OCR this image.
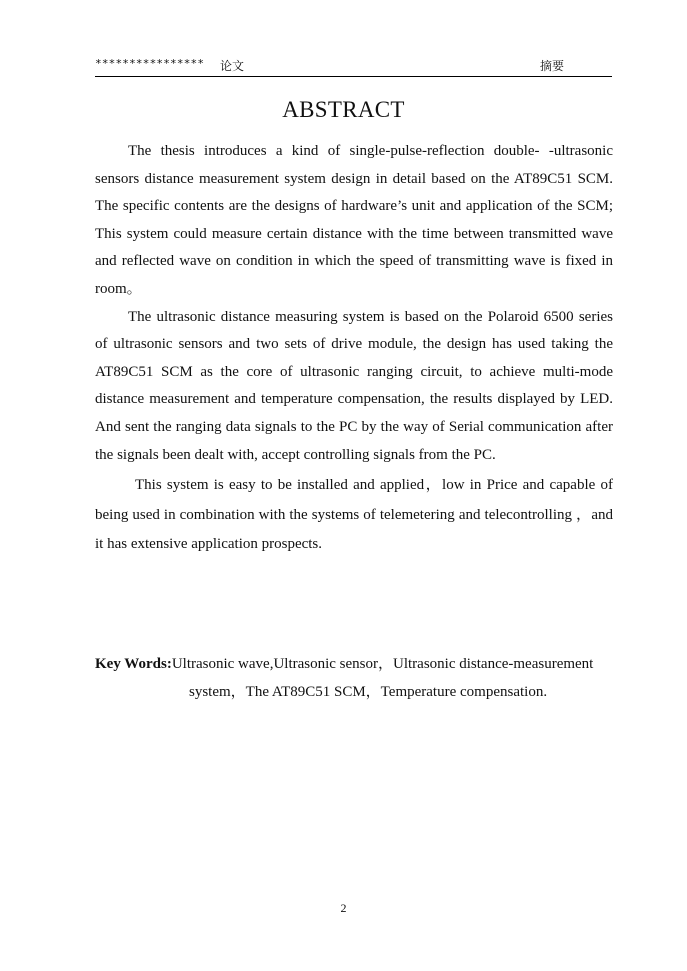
**************** 论文	摘要
ABSTRACT

The thesis introduces a kind of single-pulse-reflection double- -ultrasonic sensors distance measurement system design in detail based on the AT89C51 SCM. The specific contents are the designs of hardware’s unit and application of the SCM; This system could measure certain distance with the time between transmitted wave and reflected wave on condition in which the speed of transmitting wave is fixed in room。

The ultrasonic distance measuring system is based on the Polaroid 6500 series of ultrasonic sensors and two sets of drive module, the design has used taking the AT89C51 SCM as the core of ultrasonic ranging circuit, to achieve multi-mode distance measurement and temperature compensation, the results displayed by LED. And sent the ranging data signals to the PC by the way of Serial communication after the signals been dealt with, accept controlling signals from the PC.

This system is easy to be installed and applied，low in Price and capable of being used in combination with the systems of telemetering and telecontrolling ，and it has extensive application prospects.

Key Words:Ultrasonic wave,Ultrasonic sensor，Ultrasonic distance-measurement
system，The AT89C51 SCM，Temperature compensation.
2
